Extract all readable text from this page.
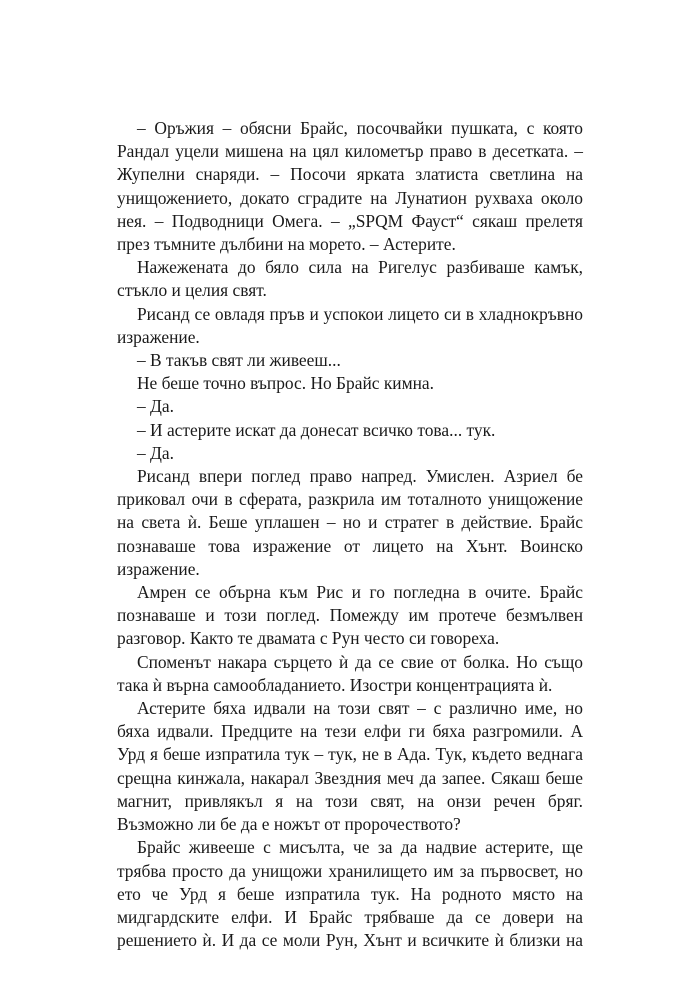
– Оръжия – обясни Брайс, посочвайки пушката, с която Рандал уцели мишена на цял километър право в десетката. – Жупелни снаряди. – Посочи ярката златиста светлина на унищожението, докато сградите на Лунатион рухваха около нея. – Подводници Омега. – „SPQM Фауст“ сякаш прелетя през тъмните дълбини на морето. – Астерите.

Нажежената до бяло сила на Ригелус разбиваше камък, стъкло и целия свят.

Рисанд се овладя пръв и успокои лицето си в хладнокръвно изражение.

– В такъв свят ли живееш...

Не беше точно въпрос. Но Брайс кимна.

– Да.

– И астерите искат да донесат всичко това... тук.

– Да.

Рисанд впери поглед право напред. Умислен. Азриел бе приковал очи в сферата, разкрила им тоталното унищожение на света ѝ. Беше уплашен – но и стратег в действие. Брайс познаваше това изражение от лицето на Хънт. Воинско изражение.

Амрен се обърна към Рис и го погледна в очите. Брайс познаваше и този поглед. Помежду им протече безмълвен разговор. Както те двамата с Рун често си говореха.

Споменът накара сърцето ѝ да се свие от болка. Но също така ѝ върна самообладанието. Изостри концентрацията ѝ.

Астерите бяха идвали на този свят – с различно име, но бяха идвали. Предците на тези елфи ги бяха разгромили. А Урд я беше изпратила тук – тук, не в Ада. Тук, където веднага срещна кинжала, накарал Звездния меч да запее. Сякаш беше магнит, привлякъл я на този свят, на онзи речен бряг. Възможно ли бе да е ножът от пророчеството?

Брайс живееше с мисълта, че за да надвие астерите, ще трябва просто да унищожи хранилището им за първосвет, но ето че Урд я беше изпратила тук. На родното място на мидгардските елфи. И Брайс трябваше да се довери на решението ѝ. И да се моли Рун, Хънт и всичките ѝ близки на
